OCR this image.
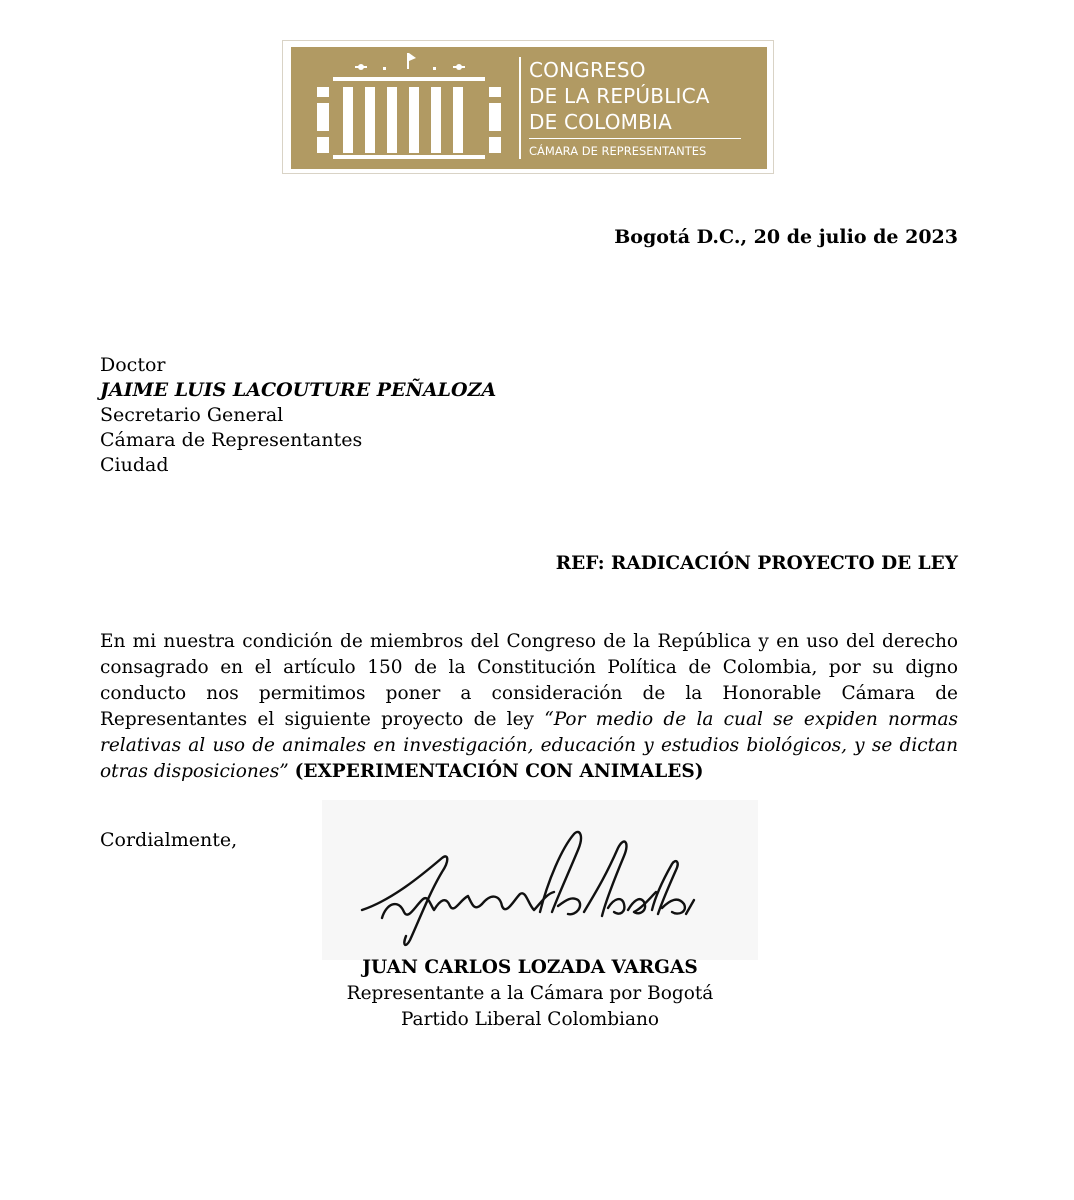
CONGRESO
DE LA REPÚBLICA
DE COLOMBIA
CÁMARA DE REPRESENTANTES
Bogotá D.C., 20 de julio de 2023
Doctor
JAIME LUIS LACOUTURE PEÑALOZA
Secretario General
Cámara de Representantes
Ciudad
REF: RADICACIÓN PROYECTO DE LEY
En mi nuestra condición de miembros del Congreso de la República y en uso del derecho consagrado en el artículo 150 de la Constitución Política de Colombia, por su digno conducto nos permitimos poner a consideración de la Honorable Cámara de Representantes el siguiente proyecto de ley “Por medio de la cual se expiden normas relativas al uso de animales en investigación, educación y estudios biológicos, y se dictan otras disposiciones” (EXPERIMENTACIÓN CON ANIMALES)
Cordialmente,
JUAN CARLOS LOZADA VARGAS
Representante a la Cámara por Bogotá
Partido Liberal Colombiano
